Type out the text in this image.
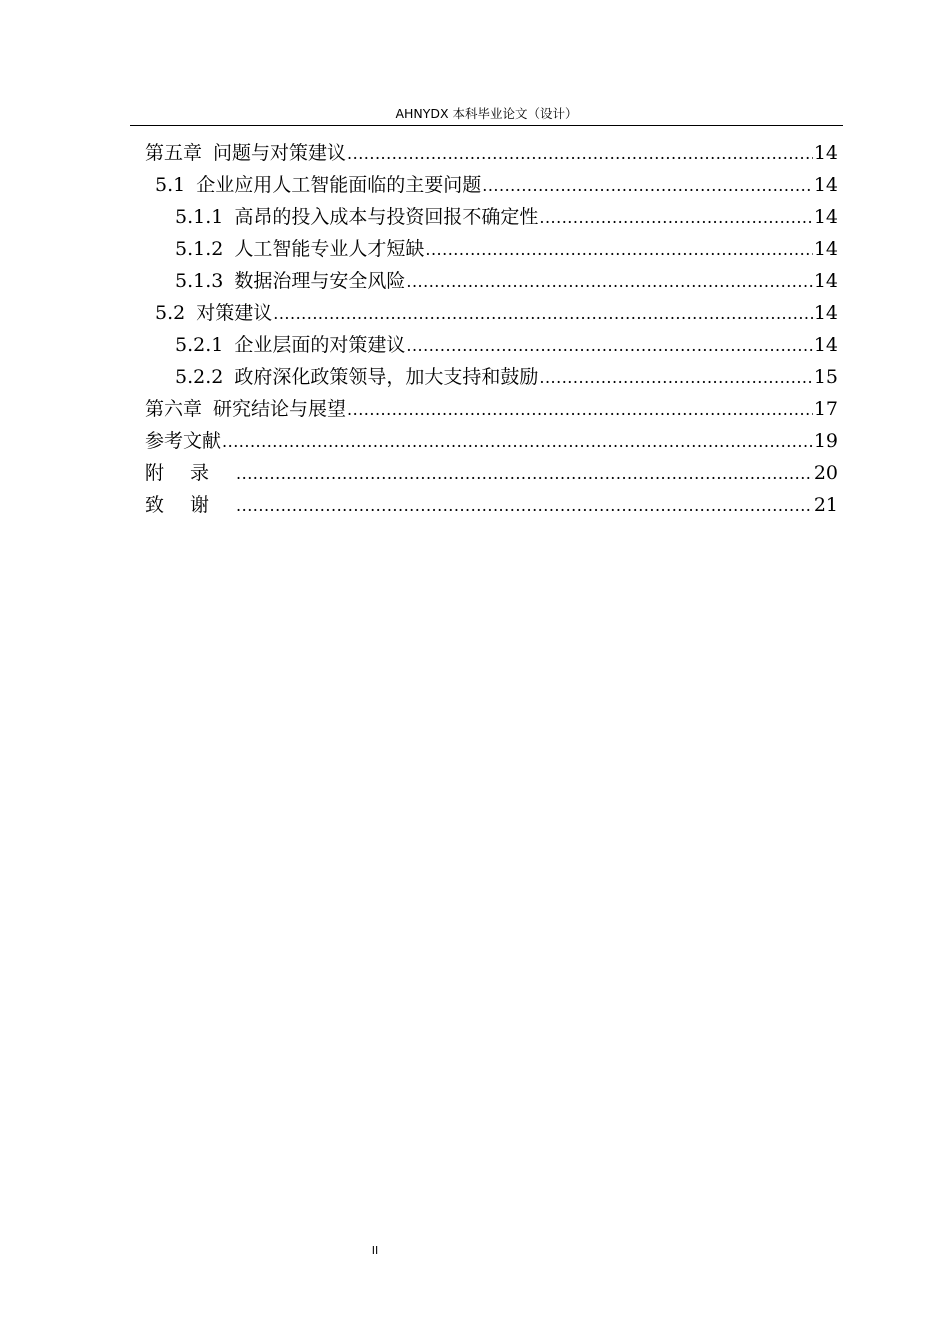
AHNYDX 本科毕业论文（设计）
第五章 问题与对策建议 .....	14
5.1 企业应用人工智能面临的主要问题 .....	14
5.1.1 高昂的投入成本与投资回报不确定性 .....	14
5.1.2 人工智能专业人才短缺 .....	14
5.1.3 数据治理与安全风险 .....	14
5.2 对策建议 .....	14
5.2.1 企业层面的对策建议 .....	14
5.2.2 政府深化政策领导，加大支持和鼓励 .....	15
第六章 研究结论与展望 .....	17
参考文献 .....	19
附录 .....	20
致谢 .....	21
II
